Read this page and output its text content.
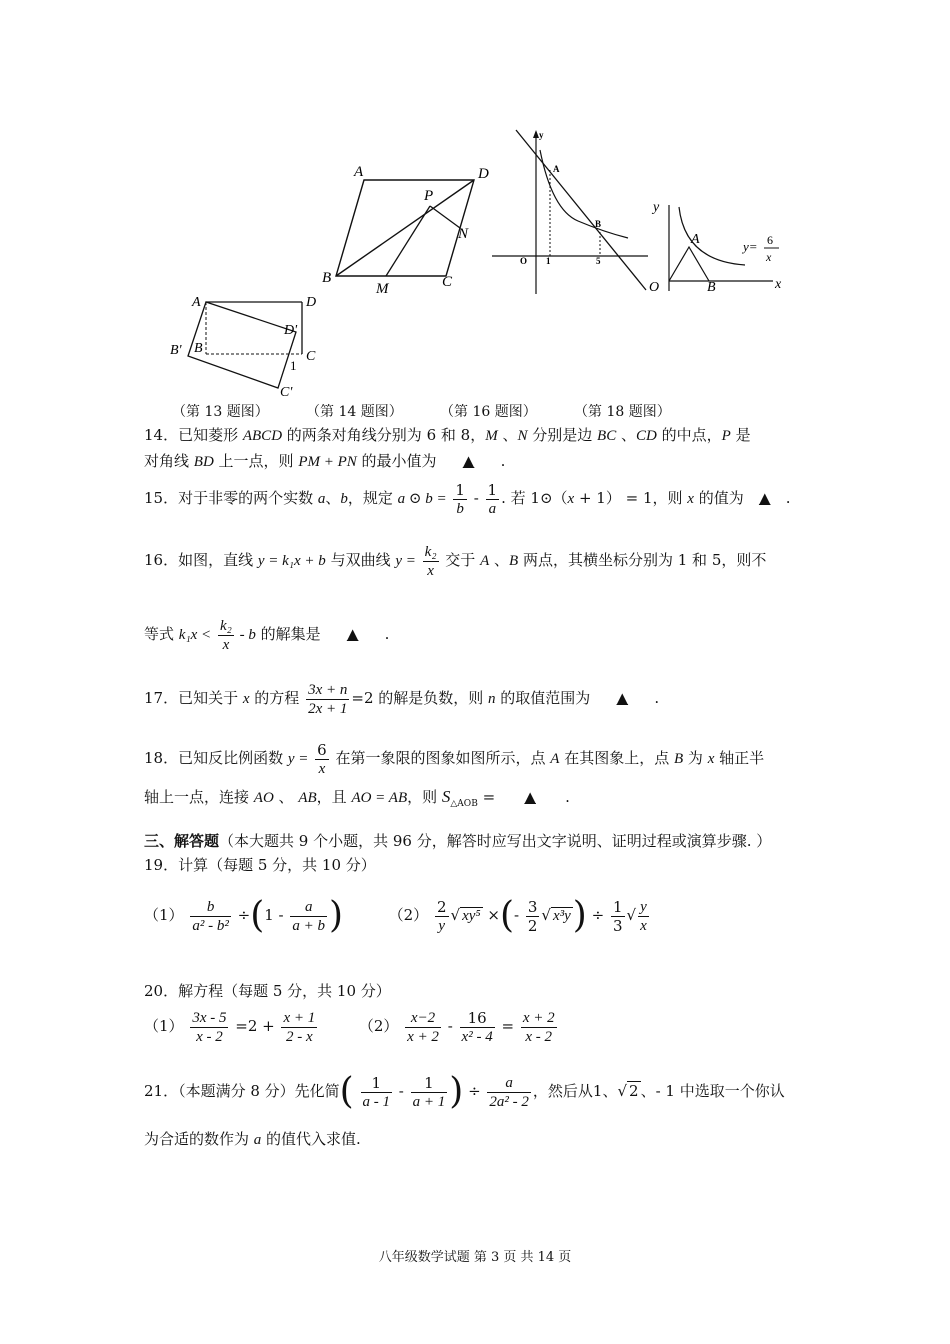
A	D
P
N
B
M	C
y
A
B
O 1	5
y
A
O	B	x
y= 6
x
A	D
D'
B' B
C
1
C'
（第 13 题图）	（第 14 题图）	（第 16 题图）	（第 18 题图）
14．已知菱形 ABCD 的两条对角线分别为 6 和 8，M 、N 分别是边 BC 、CD 的中点，P 是
对角线 BD 上一点，则 PM + PN 的最小值为 ▲ .
15．对于非零的两个实数 a、b，规定 a ⊙ $b = \frac{1}{b} - \frac{1}{a}$ . 若 1⊙（x + 1） = 1，则 x 的值为 ▲ .
16．如图，直线 y = k₁x + b 与双曲线 $y = \frac{\text{k₂}}{x}$ 交于 A 、B 两点，其横坐标分别为 1 和 5，则不
等式 $k_1x < \frac{\text{k₂}}{x} - b$ 的解集是 ▲ .
17．已知关于 x 的方程 $\frac{3x + n}{2x + 1} =2$ 的解是负数，则 n 的取值范围为 ▲ .
18．已知反比例函数 $y = \frac{6}{x}$ 在第一象限的图象如图所示，点 A 在其图象上，点 B 为 x 轴正半
轴上一点，连接 AO 、 AB，且 AO = AB，则 $S_{\triangle AOB}$ = ▲ .
三、解答题（本大题共 9 个小题，共 96 分，解答时应写出文字说明、证明过程或演算步骤. ）
19．计算（每题 5 分，共 10 分）
$(1) \frac{b}{\text{a² - b²}} \div(1 - \frac{a}{a + b}$ )	$(2) \frac{2}{y}$ √ xy⁵ ×(- $\frac{3}{2}$ √ $x^3y) \div \frac{1}{3}$ √ $\frac{y}{x}$
20．解方程（每题 5 分，共 10 分）
$(1) \frac{3x - 5}{x - 2} =2 + \frac{x + 1}{2 - x}$	$(2) \frac{x-2}{x + 2} - \frac{16}{\text{x² - 4}} = \frac{x + 2}{x - 2}$
21．（本题满分 8 分）先化简( $\frac{1}{a - 1} - \frac{1}{a + 1}$ ) ÷ $\frac{a}{\text{2a² - 2}}$ ，然后从1、√ 2 、- 1 中选取一个你认
为合适的数作为 a 的值代入求值.
八年级数学试题 第 3 页 共 14 页
